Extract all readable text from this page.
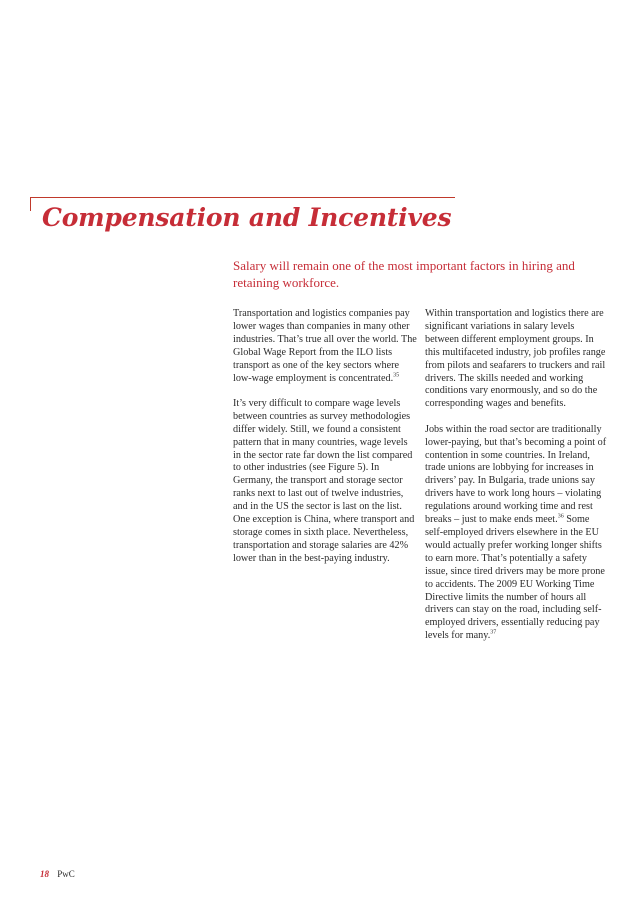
Compensation and Incentives

Salary will remain one of the most important factors in hiring and retaining workforce.

Transportation and logistics companies pay lower wages than companies in many other industries. That’s true all over the world. The Global Wage Report from the ILO lists transport as one of the key sectors where low-wage employment is concentrated.$^{35}$

It’s very difficult to compare wage levels between countries as survey methodologies differ widely. Still, we found a consistent pattern that in many countries, wage levels in the sector rate far down the list compared to other industries (see Figure 5). In Germany, the transport and storage sector ranks next to last out of twelve industries, and in the US the sector is last on the list. One exception is China, where transport and storage comes in sixth place. Nevertheless, transportation and storage salaries are 42% lower than in the best-paying industry.

Within transportation and logistics there are significant variations in salary levels between different employment groups. In this multifaceted industry, job profiles range from pilots and seafarers to truckers and rail drivers. The skills needed and working conditions vary enormously, and so do the corresponding wages and benefits.

Jobs within the road sector are traditionally lower-paying, but that’s becoming a point of contention in some countries. In Ireland, trade unions are lobbying for increases in drivers’ pay. In Bulgaria, trade unions say drivers have to work long hours – violating regulations around working time and rest breaks – just to make ends meet.$^{36}$ Some self-employed drivers elsewhere in the EU would actually prefer working longer shifts to earn more. That’s potentially a safety issue, since tired drivers may be more prone to accidents. The 2009 EU Working Time Directive limits the number of hours all drivers can stay on the road, including self-employed drivers, essentially reducing pay levels for many.$^{37}$

18 PwC
